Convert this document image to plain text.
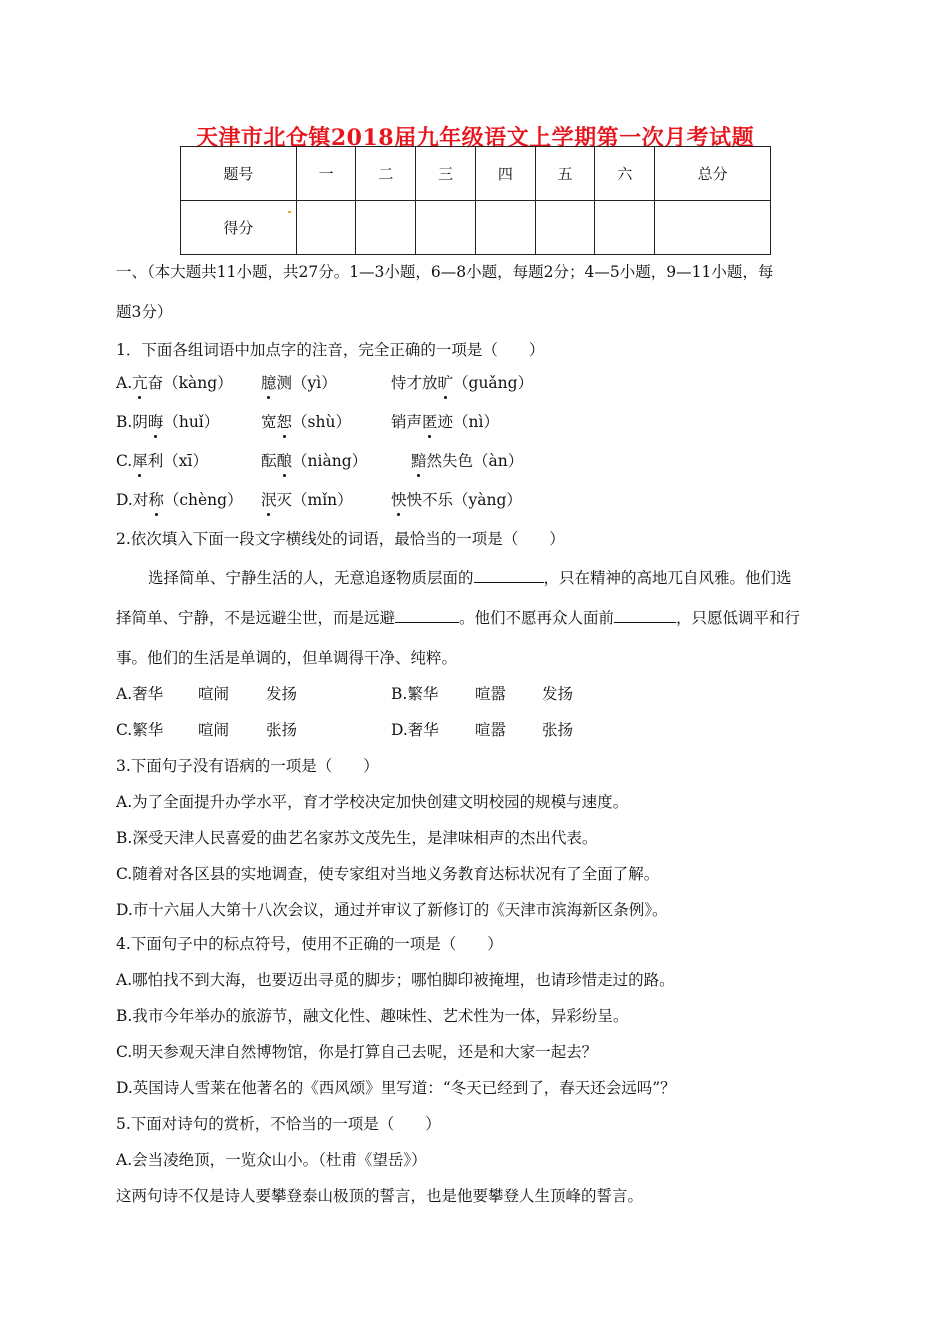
天津市北仓镇2018届九年级语文上学期第一次月考试题
题号	一	二	三	四	五	六	总分
得分							
一、（本大题共11小题，共27分。1—3小题，6—8小题，每题2分；4—5小题，9—11小题，每
题3分）
1．下面各组词语中加点字的注音，完全正确的一项是（　　）
A.亢奋（kàng） 臆测（yì）	恃才放旷（guǎng）
B.阴晦（huǐ）	宽恕（shù）	销声匿迹（nì）
C.犀利（xī）	酝酿（niàng）	黯然失色（àn）
D.对称（chèng） 泯灭（mǐn） 怏怏不乐（yàng）
2.依次填入下面一段文字横线处的词语，最恰当的一项是（　　）
选择简单、宁静生活的人，无意追逐物质层面的	，只在精神的高地兀自风雅。他们选
择简单、宁静，不是远避尘世，而是远避	。他们不愿再众人面前	，只愿低调平和行
事。他们的生活是单调的，但单调得干净、纯粹。
A.奢华 喧闹 发扬	B.繁华 喧嚣 发扬
C.繁华 喧闹 张扬	D.奢华 喧嚣 张扬
3.下面句子没有语病的一项是（　　）
A.为了全面提升办学水平，育才学校决定加快创建文明校园的规模与速度。
B.深受天津人民喜爱的曲艺名家苏文茂先生，是津味相声的杰出代表。
C.随着对各区县的实地调查，使专家组对当地义务教育达标状况有了全面了解。
D.市十六届人大第十八次会议，通过并审议了新修订的《天津市滨海新区条例》。
4.下面句子中的标点符号，使用不正确的一项是（　　）
A.哪怕找不到大海，也要迈出寻觅的脚步；哪怕脚印被掩埋，也请珍惜走过的路。
B.我市今年举办的旅游节，融文化性、趣味性、艺术性为一体，异彩纷呈。
C.明天参观天津自然博物馆，你是打算自己去呢，还是和大家一起去？
D.英国诗人雪莱在他著名的《西风颂》里写道：“冬天已经到了，春天还会远吗”？
5.下面对诗句的赏析，不恰当的一项是（　　）
A.会当凌绝顶，一览众山小。（杜甫《望岳》）
这两句诗不仅是诗人要攀登泰山极顶的誓言，也是他要攀登人生顶峰的誓言。
